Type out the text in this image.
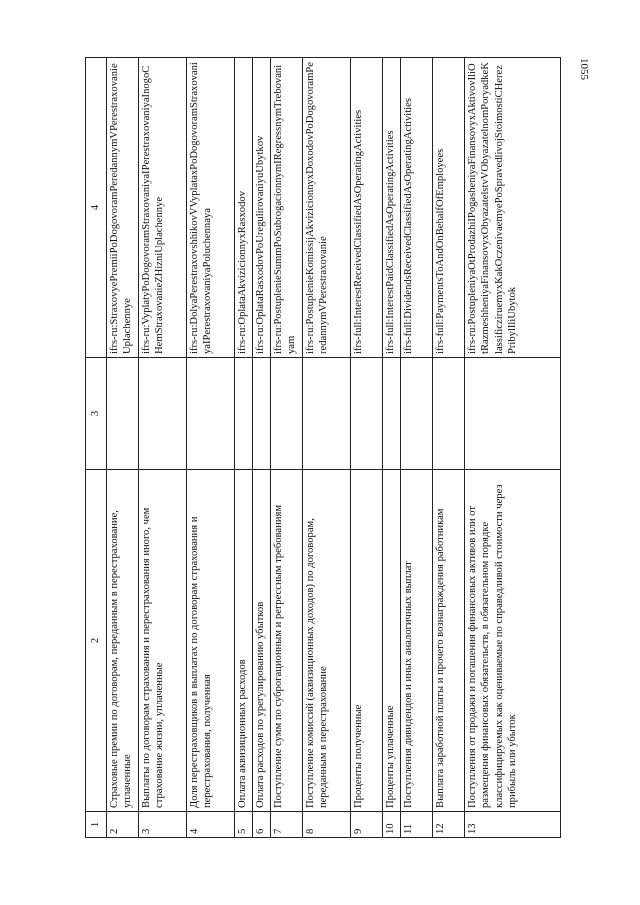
1055
1	2	3	4
2	Страховые премии по договорам, переданным в перестрахование, уплаченные		ifrs-ru:StraxovyePremiiPoDogovoramPeredannymVPerestraxovanieUplachennye
3	Выплаты по договорам страхования и перестрахования иного, чем страхование жизни, уплаченные		ifrs-ru:VyplatyPoDogovoramStraxovaniyaIPerestraxovaniyaInogoCHemStraxovanieZHizniUplachennye
4	Доля перестраховщиков в выплатах по договорам страхования и перестрахования, полученная		ifrs-ru:DolyaPerestraxovshhikovVVyplataxPoDogovoramStraxovaniyaIPerestraxovaniyaPoluchennaya
5	Оплата аквизиционных расходов		ifrs-ru:OplataAkvizicionnyxRasxodov
6	Оплата расходов по урегулированию убытков		ifrs-ru:OplataRasxodovPoUregulirovaniyuUbytkov
7	Поступление сумм по суброгационным и регрессным требованиям		ifrs-ru:PostuplenieSummPoSubrogacionnymIRegressnymTrebovaniyam
8	Поступление комиссий (аквизиционных доходов) по договорам, переданным в перестрахование		ifrs-ru:PostuplenieKomissijAkvizicionnyxDoxodovPoDogovoramPeredannymVPerestraxovanie
9	Проценты полученные		ifrs-full:InterestReceivedClassifiedAsOperatingActivities
10	Проценты уплаченные		ifrs-full:InterestPaidClassifiedAsOperatingActivities
11	Поступления дивидендов и иных аналогичных выплат		ifrs-full:DividendsReceivedClassifiedAsOperatingActivities
12	Выплата заработной платы и прочего вознаграждения работникам		ifrs-full:PaymentsToAndOnBehalfOfEmployees
13	Поступления от продажи и погашения финансовых активов или от размещения финансовых обязательств, в обязательном порядке классифицируемых как оцениваемые по справедливой стоимости через прибыль или убыток		ifrs-ru:PostupleniyaOtProdazhiIPogasheniyaFinansovyxAktivovIliOtRazmeshheniyaFinansovyxObyazatelstvVObyazatelnomPoryadkeKlassificziruemyxKakOczenivaemyePoSpravedlivojStoimostiCHerezPribylIliUbytok
